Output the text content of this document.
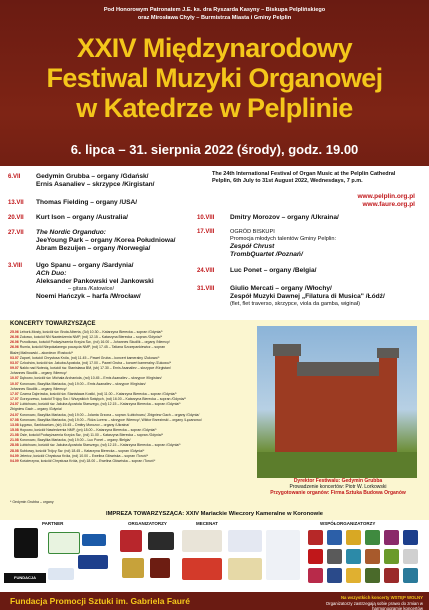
Pod Honorowym Patronatem J.E. ks. dra Ryszarda Kasyny – Biskupa Pelplińskiego
oraz Mirosława Chyły – Burmistrza Miasta i Gminy Pelplin
XXIV Międzynarodowy
Festiwal Muzyki Organowej
w Katedrze w Pelplinie
6. lipca – 31. sierpnia 2022 (środy), godz. 19.00
6.VII Gedymin Grubba – organy /Gdańsk/
Ernis Asanaliev – skrzypce /Kirgistan/
13.VII Thomas Fielding – organy /USA/
20.VII Kurt Ison – organy /Australia/
27.VII The Nordic Organduo:
JeeYoung Park – organy /Korea Południowa/
Abram Bezuijen – organy /Norwegia/
3.VIII Ugo Spanu – organy /Sardynia/
ACh Duo:
Aleksander Pankowski vel Jankowski
– gitara /Katowice/
Noemi Hańczyk – harfa /Wrocław/
The 24th International Festival of Organ Music at the Pelplin Cathedral
Pelplin, 6th July to 31st August 2022, Wednesdays, 7 p.m.
www.pelplin.org.pl
www.faure.org.pl
10.VIII Dmitry Morozov – organy /Ukraina/
17.VIII	OGRÓD BISKUPI
Promocja młodych talentów Gminy Pelplin:
Zespół Chrust
TrombQuartet /Poznań/
24.VIII Luc Ponet – organy /Belgia/
31.VIII Giulio Mercati – organy /Włochy/
Zespół Muzyki Dawnej „Filatura di Musica" /Łódź/
(flet, flet traverso, skrzypce, viola da gamba, wiginał)
KONCERTY TOWARZYSZĄCE
25.06 Lebork-Mosty, kościół św. Bruta Alberta, (3d) 10.30 – Katarzyna Bierecka – sopran /Gdynia/*
26.06 Żukowo, kościół NN Nawiedzenia NMP, (nd) 12.15 – Katarzyna Bierecka – sopran /Gdynia/*
26.06 Przodkowo, kościół Podwyższenia Krzyża Św., (nd) 16.00 – Johannes Skudlik – organy /Niemcy/
26.06 Rumia, kościół Niepokalanego poczęcia NMP, (nd) 17.45 – Tatiana Szczepankiewicz – sopran
Błażej Malinowski – akordeon /Rostock/*
03.07 Zapcel, kościół Chrystusa Króla, (nd) 11.45 – Paweł Gruba – koncert kameralny /Żukowo/*
03.07 Czlochów, kościół św. Jakuba Apostoła, (nd) 17.00 – Paweł Gruba – koncert kameralny /Żukowo/*
09.07 Nakło nad Notecią, kościół św. Stanisława BM, (sb) 17.30 – Ernis Asanaliev – skrzypce /Kirgistan/
Johannes Skudlik – organy /Niemcy/
10.07 Dębowo, kościół św. Michała Archanioła, (nd) 10.45 – Ernis Asanaliev – skrzypce /Kirgistan/
10.07 Koronowo, Bazylika Mariacka, (nd) 19.00 – Ernis Asanaliev – skrzypce /Kirgistan/
Johannes Skudlik – organy /Niemcy/
17.07 Czarna Dąbrówka, kościół św. Stanisława Kostki, (nd) 11.00 – Katarzyna Bierecka – sopran /Gdynia/*
17.07 Gorzyczewo, kościół Trójcy Św. i Wszystkich Świętych, (nd) 16.00 – Katarzyna Bierecka – sopran /Gdynia/*
24.07 Lubichowo, kościół św. Jakuba Apostoła Starszego, (nd) 12.15 – Katarzyna Bierecka – sopran /Gdynia/*
Zbigniew Gach – organy /Gdynia/
24.07 Koronowo, Bazylika Mariacka, (nd) 19.00 – Jolanta Grzona – sopran /Lubichowo/, Zbigniew Gach – organy /Gdynia/
07.08 Koronowo, Bazylika Mariacka, (nd) 19.00 – Róża Lorenc – skrzypce /Niemcy/, Wiktor Brzezinski – organy /Lęcanowo/
13.08 Łęgowo, Sanktuarium, (sb) 15.45 – Dmitry Morozov – organy /Ukraina/
15.08 Hopowo, kościół Nawiedzenia NMP, (pn) 18.00 – Katarzyna Bierecka – sopran /Gdynia/*
21.08 Osie, kościół Podwyższenia Krzyża Św., (nd) 11.00 – Katarzyna Bierecka – sopran /Gdynia/*
21.08 Koronowo, Bazylika Mariacka, (nd) 19.00 – Luc Ponet – organy /Belgia/
28.08 Lubichowo, kościół św. Jakuba Apostoła Starszego, (nd) 12.15 – Katarzyna Bierecka – sopran /Gdynia/*
28.08 Subkowy, kościół Trójcy Św. (nd) 18.45 – Katarzyna Bierecka – sopran /Gdynia/*
04.09 Jeleńcz, kościół Chrystusa Króla, (nd) 10.00 – Ewelina Główńska – sopran /Toruń/*
04.09 Kościerzyna, kościół Chrystusa Króla, (nd) 18.00 – Ewelina Główńska – sopran /Toruń/*
* Gedymin Grubba – organy
Dyrektor Festiwalu: Gedymin Grubba
Prowadzenie koncertów: Piotr W. Lorkowski
Przygotowanie organów: Firma Sztuka Budowa Organów
IMPREZA TOWARZYSZĄCA: XXIV Mariackie Wieczory Kameralne w Koronowie
PARTNER	ORGANIZATORZY	MECENAT	WSPÓŁORGANIZATORZY
FUNDACJA
Fundacja Promocji Sztuki im. Gabriela Fauré	Na wszystkich koncerty WSTĘP WOLNY
Organizatorzy zastrzegają sobie prawo do zmian w harmonogramie koncertów
